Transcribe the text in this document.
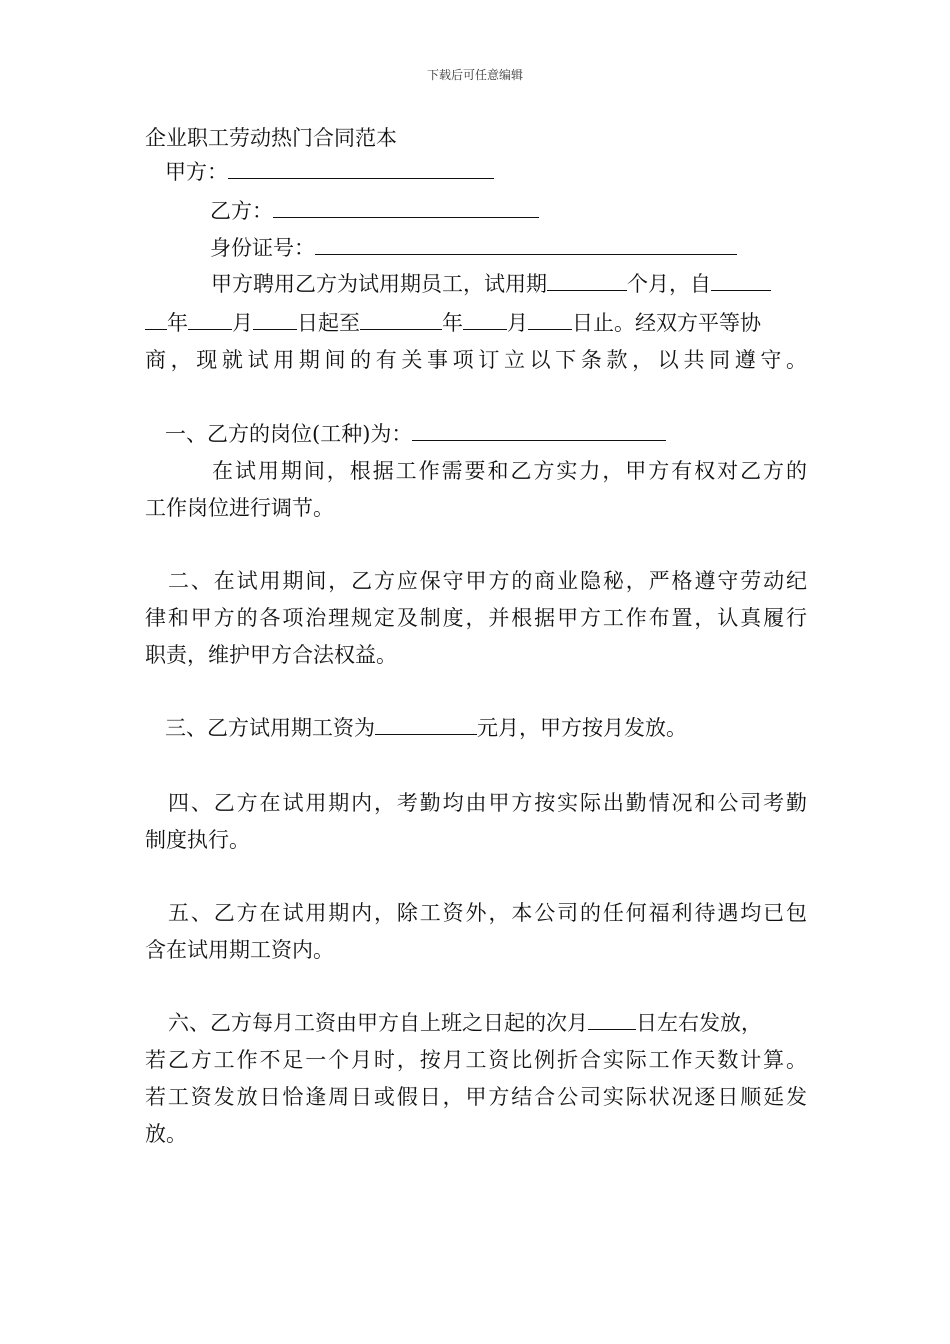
下载后可任意编辑
企业职工劳动热门合同范本
甲方：
乙方：
身份证号：
甲方聘用乙方为试用期员工，试用期	个月，自
年 月 日起至	年 月 日止。经双方平等协
商，现就试用期间的有关事项订立以下条款，以共同遵守。
一、乙方的岗位(工种)为：
在试用期间，根据工作需要和乙方实力，甲方有权对乙方的
工作岗位进行调节。
二、在试用期间，乙方应保守甲方的商业隐秘，严格遵守劳动纪
律和甲方的各项治理规定及制度，并根据甲方工作布置，认真履行
职责，维护甲方合法权益。
三、乙方试用期工资为	元月，甲方按月发放。
四、乙方在试用期内，考勤均由甲方按实际出勤情况和公司考勤
制度执行。
五、乙方在试用期内，除工资外，本公司的任何福利待遇均已包
含在试用期工资内。
六、乙方每月工资由甲方自上班之日起的次月 日左右发放，
若乙方工作不足一个月时，按月工资比例折合实际工作天数计算。
若工资发放日恰逢周日或假日，甲方结合公司实际状况逐日顺延发
放。
